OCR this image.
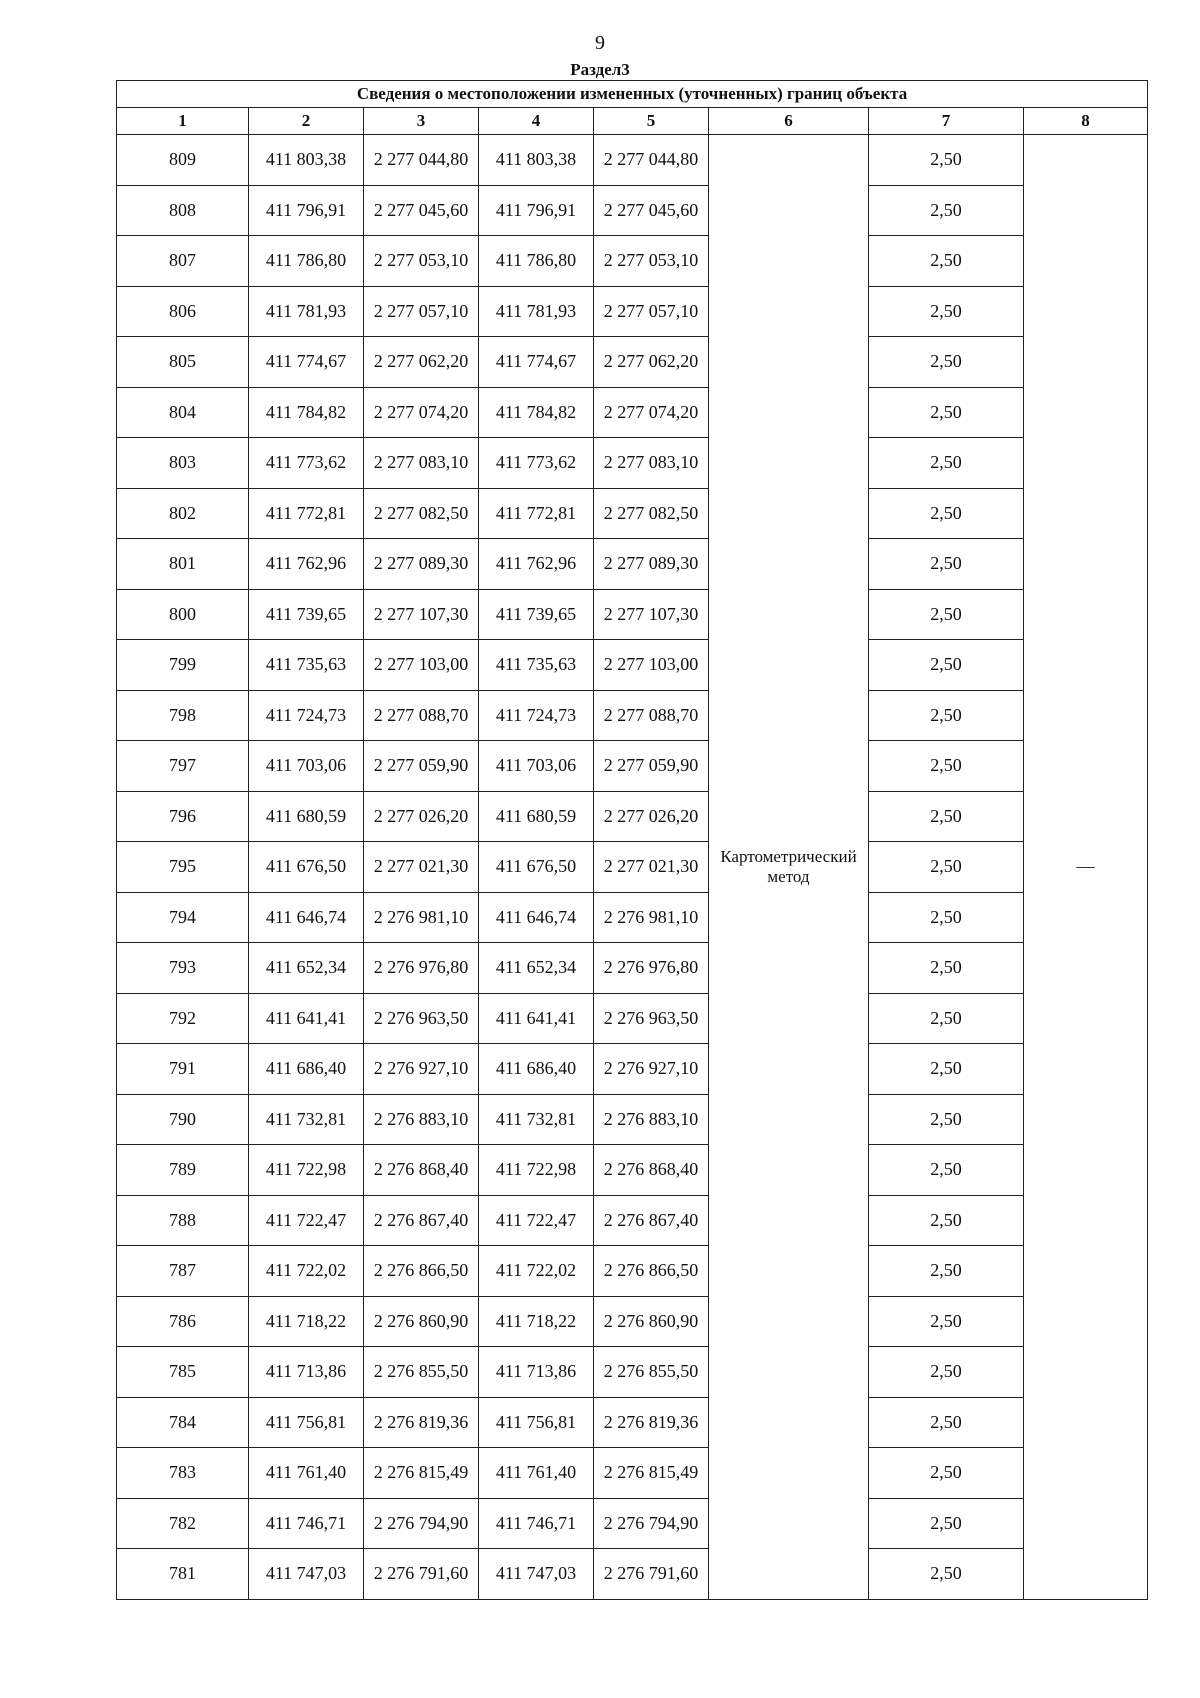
9
Раздел3
Сведения о местоположении измененных (уточненных) границ объекта							
1	2	3	4	5	6	7	8
809	411 803,38	2 277 044,80	411 803,38	2 277 044,80	Картометрический метод	2,50	—
808	411 796,91	2 277 045,60	411 796,91	2 277 045,60		2,50	
807	411 786,80	2 277 053,10	411 786,80	2 277 053,10		2,50	
806	411 781,93	2 277 057,10	411 781,93	2 277 057,10		2,50	
805	411 774,67	2 277 062,20	411 774,67	2 277 062,20		2,50	
804	411 784,82	2 277 074,20	411 784,82	2 277 074,20		2,50	
803	411 773,62	2 277 083,10	411 773,62	2 277 083,10		2,50	
802	411 772,81	2 277 082,50	411 772,81	2 277 082,50		2,50	
801	411 762,96	2 277 089,30	411 762,96	2 277 089,30		2,50	
800	411 739,65	2 277 107,30	411 739,65	2 277 107,30		2,50	
799	411 735,63	2 277 103,00	411 735,63	2 277 103,00		2,50	
798	411 724,73	2 277 088,70	411 724,73	2 277 088,70		2,50	
797	411 703,06	2 277 059,90	411 703,06	2 277 059,90		2,50	
796	411 680,59	2 277 026,20	411 680,59	2 277 026,20		2,50	
795	411 676,50	2 277 021,30	411 676,50	2 277 021,30		2,50	
794	411 646,74	2 276 981,10	411 646,74	2 276 981,10		2,50	
793	411 652,34	2 276 976,80	411 652,34	2 276 976,80		2,50	
792	411 641,41	2 276 963,50	411 641,41	2 276 963,50		2,50	
791	411 686,40	2 276 927,10	411 686,40	2 276 927,10		2,50	
790	411 732,81	2 276 883,10	411 732,81	2 276 883,10		2,50	
789	411 722,98	2 276 868,40	411 722,98	2 276 868,40		2,50	
788	411 722,47	2 276 867,40	411 722,47	2 276 867,40		2,50	
787	411 722,02	2 276 866,50	411 722,02	2 276 866,50		2,50	
786	411 718,22	2 276 860,90	411 718,22	2 276 860,90		2,50	
785	411 713,86	2 276 855,50	411 713,86	2 276 855,50		2,50	
784	411 756,81	2 276 819,36	411 756,81	2 276 819,36		2,50	
783	411 761,40	2 276 815,49	411 761,40	2 276 815,49		2,50	
782	411 746,71	2 276 794,90	411 746,71	2 276 794,90		2,50	
781	411 747,03	2 276 791,60	411 747,03	2 276 791,60		2,50	
